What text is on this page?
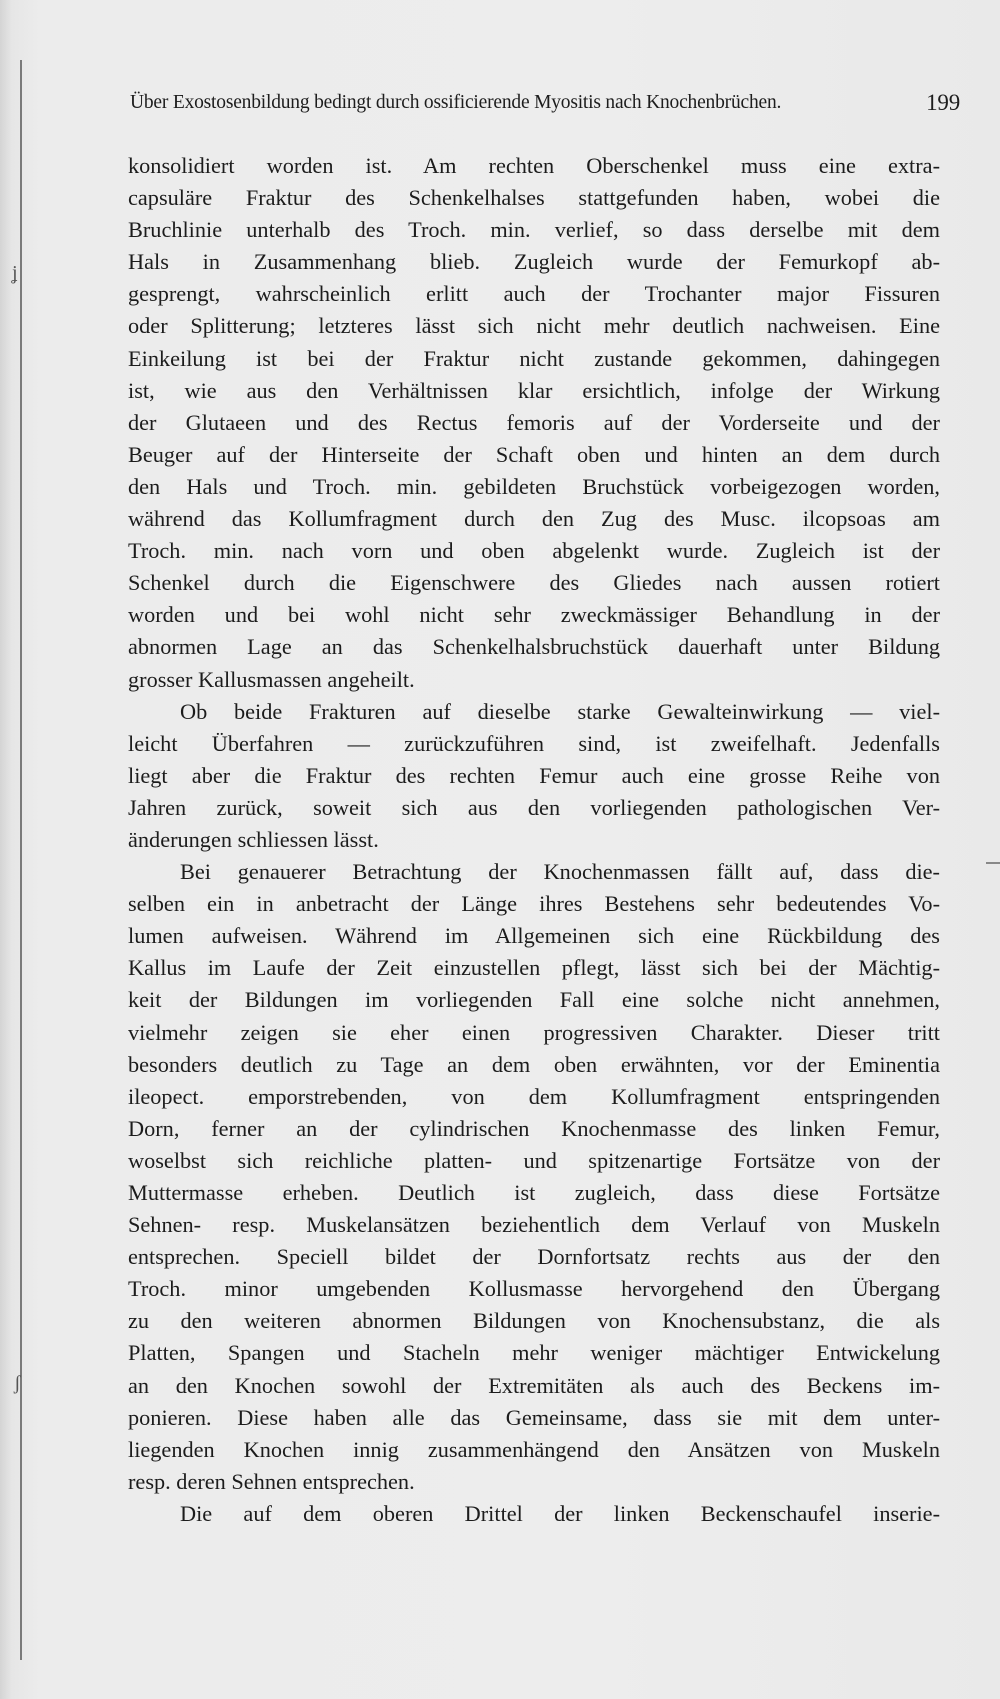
ʝ
ʃ
Über Exostosenbildung bedingt durch ossificierende Myositis nach Knochenbrüchen.	199
konsolidiert worden ist. Am rechten Oberschenkel muss eine extra-
capsuläre Fraktur des Schenkelhalses stattgefunden haben, wobei die
Bruchlinie unterhalb des Troch. min. verlief, so dass derselbe mit dem
Hals in Zusammenhang blieb. Zugleich wurde der Femurkopf ab-
gesprengt, wahrscheinlich erlitt auch der Trochanter major Fissuren
oder Splitterung; letzteres lässt sich nicht mehr deutlich nachweisen. Eine
Einkeilung ist bei der Fraktur nicht zustande gekommen, dahingegen
ist, wie aus den Verhältnissen klar ersichtlich, infolge der Wirkung
der Glutaeen und des Rectus femoris auf der Vorderseite und der
Beuger auf der Hinterseite der Schaft oben und hinten an dem durch
den Hals und Troch. min. gebildeten Bruchstück vorbeigezogen worden,
während das Kollumfragment durch den Zug des Musc. ilcopsoas am
Troch. min. nach vorn und oben abgelenkt wurde. Zugleich ist der
Schenkel durch die Eigenschwere des Gliedes nach aussen rotiert
worden und bei wohl nicht sehr zweckmässiger Behandlung in der
abnormen Lage an das Schenkelhalsbruchstück dauerhaft unter Bildung
grosser Kallusmassen angeheilt.
Ob beide Frakturen auf dieselbe starke Gewalteinwirkung — viel-
leicht Überfahren — zurückzuführen sind, ist zweifelhaft. Jedenfalls
liegt aber die Fraktur des rechten Femur auch eine grosse Reihe von
Jahren zurück, soweit sich aus den vorliegenden pathologischen Ver-
änderungen schliessen lässt.
Bei genauerer Betrachtung der Knochenmassen fällt auf, dass die-
selben ein in anbetracht der Länge ihres Bestehens sehr bedeutendes Vo-
lumen aufweisen. Während im Allgemeinen sich eine Rückbildung des
Kallus im Laufe der Zeit einzustellen pflegt, lässt sich bei der Mächtig-
keit der Bildungen im vorliegenden Fall eine solche nicht annehmen,
vielmehr zeigen sie eher einen progressiven Charakter. Dieser tritt
besonders deutlich zu Tage an dem oben erwähnten, vor der Eminentia
ileopect. emporstrebenden, von dem Kollumfragment entspringenden
Dorn, ferner an der cylindrischen Knochenmasse des linken Femur,
woselbst sich reichliche platten- und spitzenartige Fortsätze von der
Muttermasse erheben. Deutlich ist zugleich, dass diese Fortsätze
Sehnen- resp. Muskelansätzen beziehentlich dem Verlauf von Muskeln
entsprechen. Speciell bildet der Dornfortsatz rechts aus der den
Troch. minor umgebenden Kollusmasse hervorgehend den Übergang
zu den weiteren abnormen Bildungen von Knochensubstanz, die als
Platten, Spangen und Stacheln mehr weniger mächtiger Entwickelung
an den Knochen sowohl der Extremitäten als auch des Beckens im-
ponieren. Diese haben alle das Gemeinsame, dass sie mit dem unter-
liegenden Knochen innig zusammenhängend den Ansätzen von Muskeln
resp. deren Sehnen entsprechen.
Die auf dem oberen Drittel der linken Beckenschaufel inserie-
